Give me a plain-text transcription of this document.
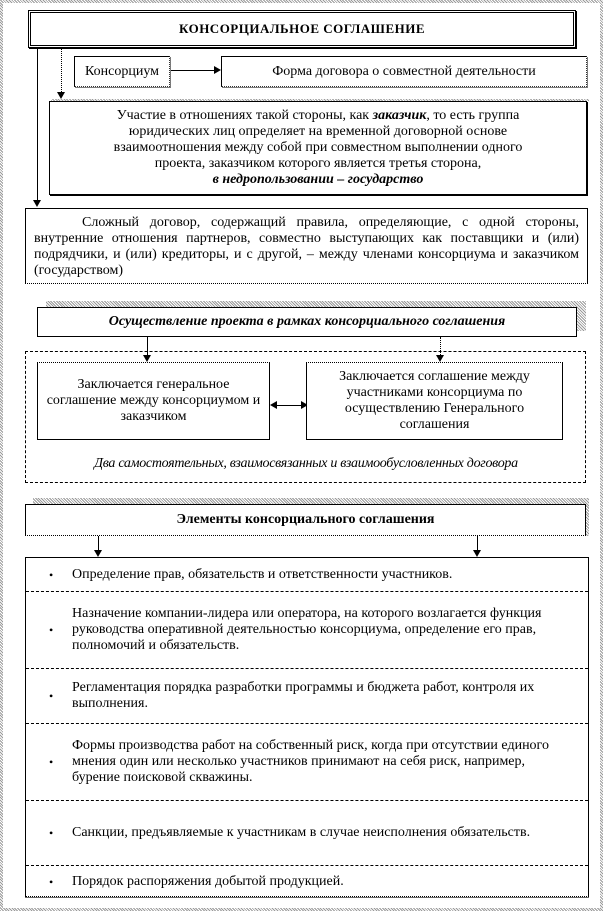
КОНСОРЦИАЛЬНОЕ СОГЛАШЕНИЕ
Консорциум	Форма договора о совместной деятельности
Участие в отношениях такой стороны, как заказчик, то есть группа юридических лиц определяет на временной договорной основе взаимоотношения между собой при совместном выполнении одного проекта, заказчиком которого является третья сторона,
в недропользовании – государство
Сложный договор, содержащий правила, определяющие, с одной стороны, внутренние отношения партнеров, совместно выступающих как поставщики и (или) подрядчики, и (или) кредиторы, и с другой, – между членами консорциума и заказчиком (государством)
Осуществление проекта в рамках консорциального соглашения
Заключается генеральное соглашение между консорциумом и заказчиком
Заключается соглашение между участниками консорциума по осуществлению Генерального соглашения
Два самостоятельных, взаимосвязанных и взаимообусловленных договора
Элементы консорциального соглашения
• Определение прав, обязательств и ответственности участников.
•
Назначение компании-лидера или оператора, на которого возлагается функция руководства оперативной деятельностью консорциума, определение его прав, полномочий и обязательств.
•
Регламентация порядка разработки программы и бюджета работ, контроля их выполнения.
•
Формы производства работ на собственный риск, когда при отсутствии единого мнения один или несколько участников принимают на себя риск, например, бурение поисковой скважины.
• Санкции, предъявляемые к участникам в случае неисполнения обязательств.
• Порядок распоряжения добытой продукцией.
